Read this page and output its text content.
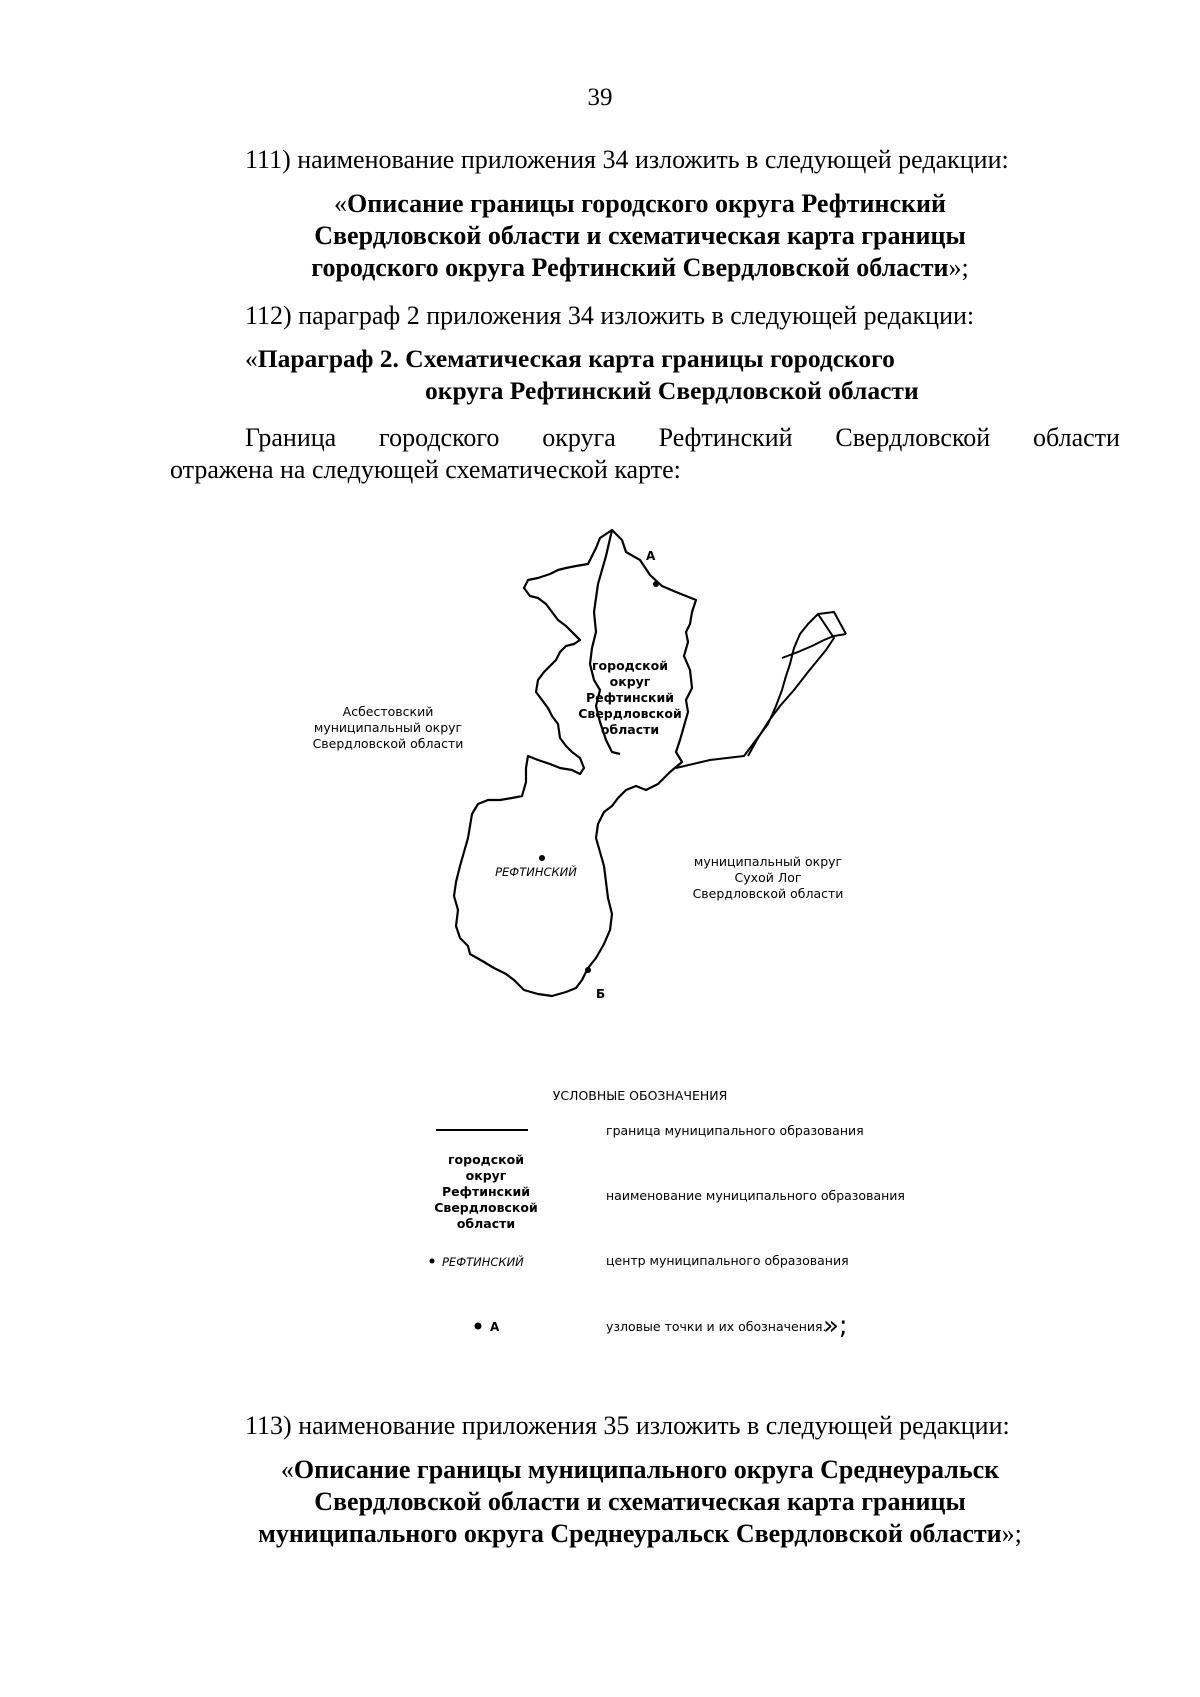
39
111) наименование приложения 34 изложить в следующей редакции:
«Описание границы городского округа Рефтинский
Свердловской области и схематическая карта границы
городского округа Рефтинский Свердловской области»;
112) параграф 2 приложения 34 изложить в следующей редакции:
«Параграф 2. Схематическая карта границы городского
округа Рефтинский Свердловской области
Граница городского округа Рефтинский Свердловской области
отражена на следующей схематической карте:
городской
округ
Рефтинский
Свердловской
области
Асбестовский
муниципальный округ
Свердловской области
муниципальный округ
Сухой Лог
Свердловской области
РЕФТИНСКИЙ
А
Б
УСЛОВНЫЕ ОБОЗНАЧЕНИЯ
граница муниципального образования
городской
округ
Рефтинский
Свердловской
области
наименование муниципального образования
РЕФТИНСКИЙ	центр муниципального образования
А	узловые точки и их обозначения.
»;
113) наименование приложения 35 изложить в следующей редакции:
«Описание границы муниципального округа Среднеуральск
Свердловской области и схематическая карта границы
муниципального округа Среднеуральск Свердловской области»;
